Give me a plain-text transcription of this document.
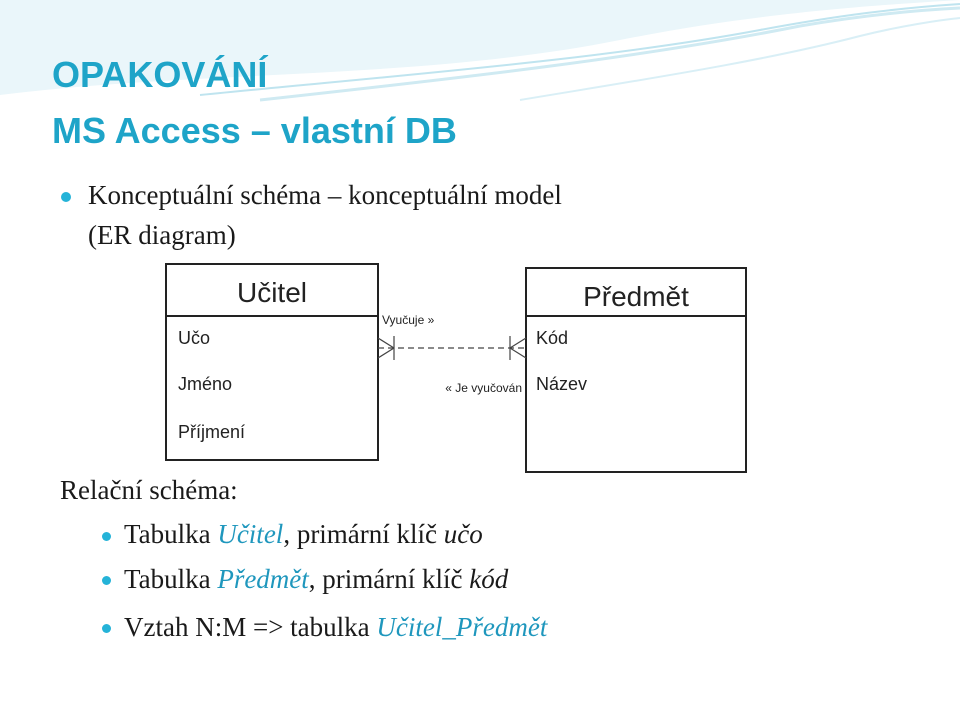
OPAKOVÁNÍ
MS Access – vlastní DB
Konceptuální schéma – konceptuální model
(ER diagram)
Učitel
Učo
Jméno
Příjmení
Předmět
Kód
Název
Vyučuje »
« Je vyučován
Relační schéma:
Tabulka Učitel, primární klíč učo
Tabulka Předmět, primární klíč kód
Vztah N:M => tabulka Učitel_Předmět
